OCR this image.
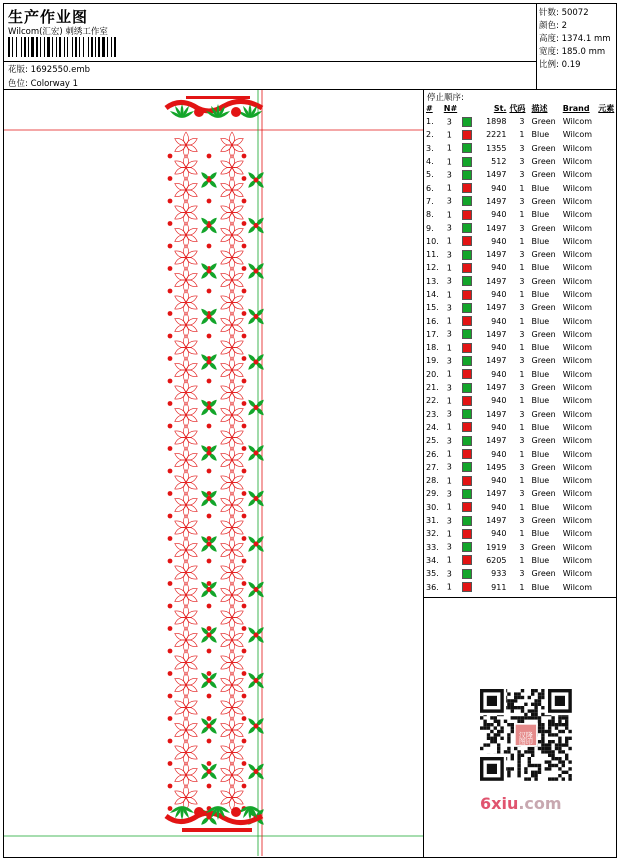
生产作业图
Wilcom(汇宏) 刺绣工作室
花版: 1692550.emb
色位: Colorway 1
针数: 50072
颜色: 2
高度: 1374.1 mm
宽度: 185.0 mm
比例: 0.19
停止顺序:
#	N#	St.	代码	描述	Brand	元素
1.	3	1898	3	Green	Wilcom	
2.	1	2221	1	Blue	Wilcom	
3.	1	1355	3	Green	Wilcom	
4.	1	512	3	Green	Wilcom	
5.	3	1497	3	Green	Wilcom	
6.	1	940	1	Blue	Wilcom	
7.	3	1497	3	Green	Wilcom	
8.	1	940	1	Blue	Wilcom	
9.	3	1497	3	Green	Wilcom	
10.	1	940	1	Blue	Wilcom	
11.	3	1497	3	Green	Wilcom	
12.	1	940	1	Blue	Wilcom	
13.	3	1497	3	Green	Wilcom	
14.	1	940	1	Blue	Wilcom	
15.	3	1497	3	Green	Wilcom	
16.	1	940	1	Blue	Wilcom	
17.	3	1497	3	Green	Wilcom	
18.	1	940	1	Blue	Wilcom	
19.	3	1497	3	Green	Wilcom	
20.	1	940	1	Blue	Wilcom	
21.	3	1497	3	Green	Wilcom	
22.	1	940	1	Blue	Wilcom	
23.	3	1497	3	Green	Wilcom	
24.	1	940	1	Blue	Wilcom	
25.	3	1497	3	Green	Wilcom	
26.	1	940	1	Blue	Wilcom	
27.	3	1495	3	Green	Wilcom	
28.	1	940	1	Blue	Wilcom	
29.	3	1497	3	Green	Wilcom	
30.	1	940	1	Blue	Wilcom	
31.	3	1497	3	Green	Wilcom	
32.	1	940	1	Blue	Wilcom	
33.	3	1919	3	Green	Wilcom	
34.	1	6205	1	Blue	Wilcom	
35.	3	933	3	Green	Wilcom	
36.	1	911	1	Blue	Wilcom	
汉隆
图印
6xiu.com
